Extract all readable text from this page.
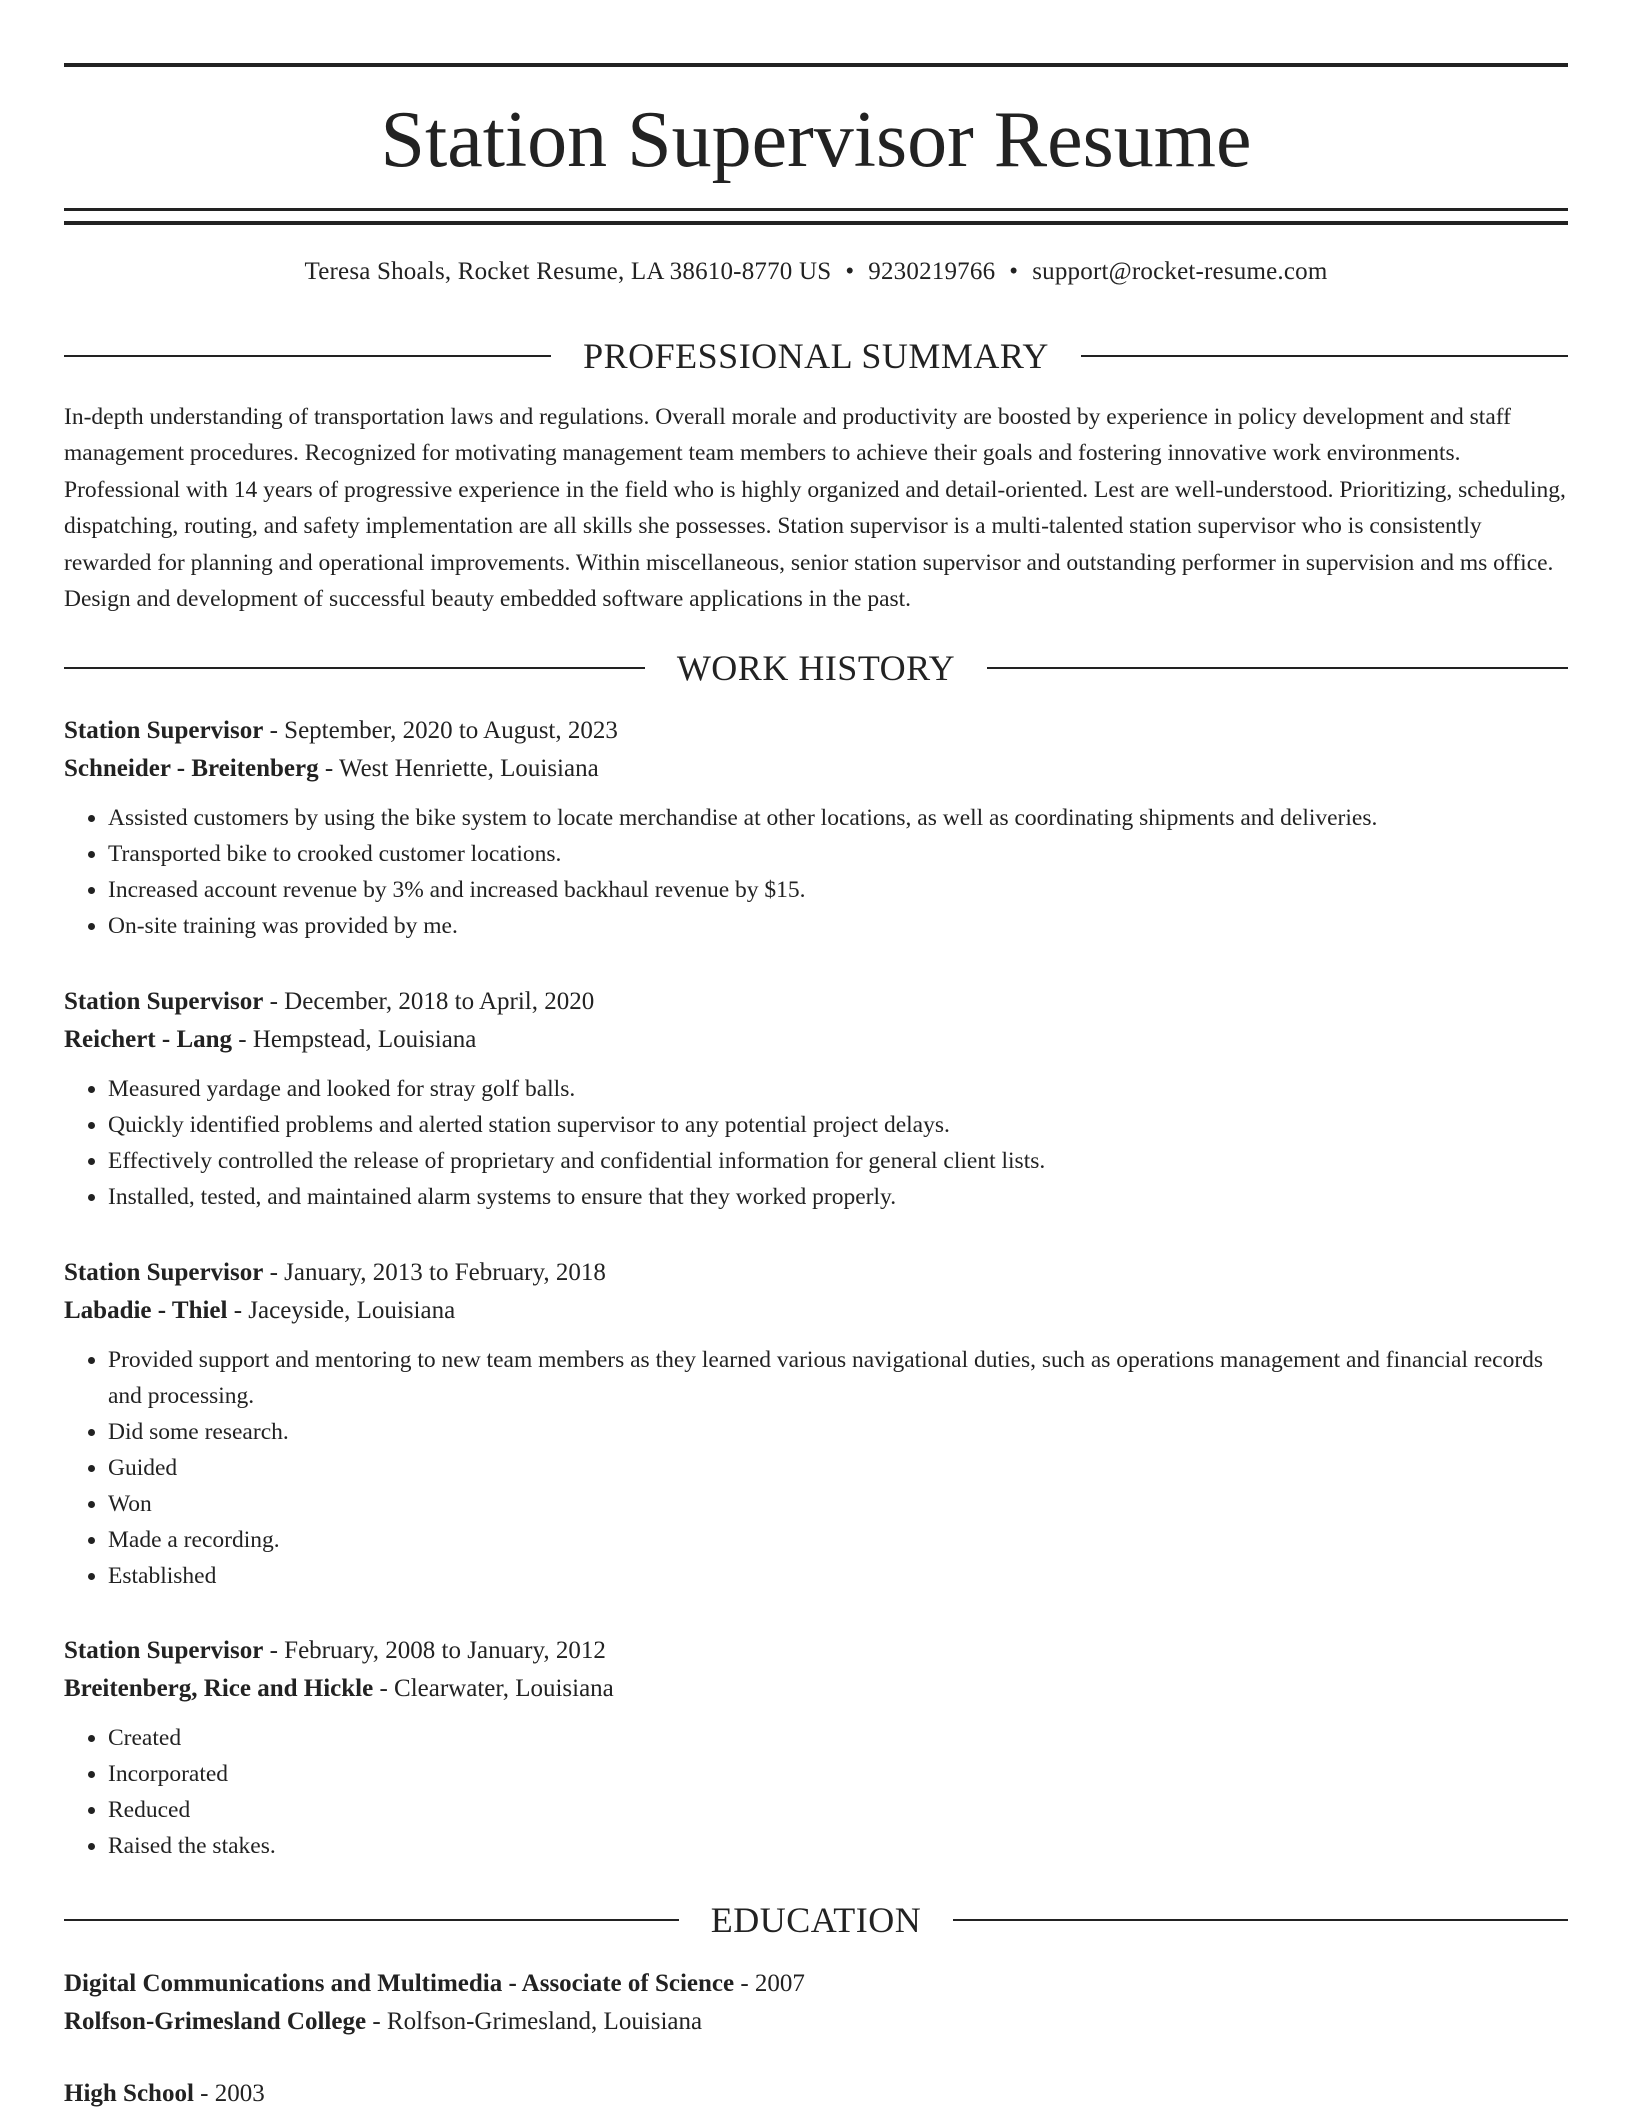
Station Supervisor Resume
Teresa Shoals, Rocket Resume, LA 38610-8770 US • 9230219766 • support@rocket-resume.com
PROFESSIONAL SUMMARY

In-depth understanding of transportation laws and regulations. Overall morale and productivity are boosted by experience in policy development and staff management procedures. Recognized for motivating management team members to achieve their goals and fostering innovative work environments. Professional with 14 years of progressive experience in the field who is highly organized and detail-oriented. Lest are well-understood. Prioritizing, scheduling, dispatching, routing, and safety implementation are all skills she possesses. Station supervisor is a multi-talented station supervisor who is consistently rewarded for planning and operational improvements. Within miscellaneous, senior station supervisor and outstanding performer in supervision and ms office. Design and development of successful beauty embedded software applications in the past.

WORK HISTORY
Station Supervisor - September, 2020 to August, 2023
Schneider - Breitenberg - West Henriette, Louisiana
• Assisted customers by using the bike system to locate merchandise at other locations, as well as coordinating shipments and deliveries.
• Transported bike to crooked customer locations.
• Increased account revenue by 3% and increased backhaul revenue by $15.
• On-site training was provided by me.
Station Supervisor - December, 2018 to April, 2020
Reichert - Lang - Hempstead, Louisiana
• Measured yardage and looked for stray golf balls.
• Quickly identified problems and alerted station supervisor to any potential project delays.
• Effectively controlled the release of proprietary and confidential information for general client lists.
• Installed, tested, and maintained alarm systems to ensure that they worked properly.
Station Supervisor - January, 2013 to February, 2018
Labadie - Thiel - Jaceyside, Louisiana
• Provided support and mentoring to new team members as they learned various navigational duties, such as operations management and financial records and processing.
• Did some research.
• Guided
• Won
• Made a recording.
• Established
Station Supervisor - February, 2008 to January, 2012
Breitenberg, Rice and Hickle - Clearwater, Louisiana
• Created
• Incorporated
• Reduced
• Raised the stakes.
EDUCATION
Digital Communications and Multimedia - Associate of Science - 2007
Rolfson-Grimesland College - Rolfson-Grimesland, Louisiana
High School - 2003
